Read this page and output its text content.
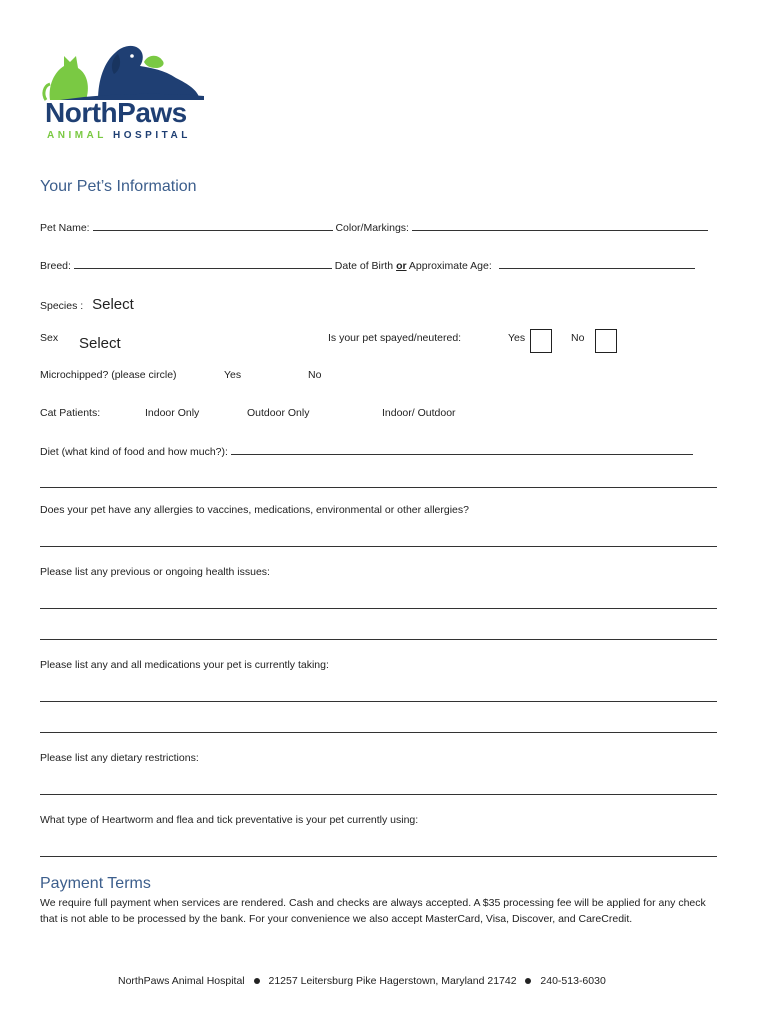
NorthPaws
ANIMAL HOSPITAL
Your Pet’s Information
Pet Name:	Color/Markings:
Breed:	Date of Birth or Approximate Age:
Species : Select
Sex Select	Is your pet spayed/neutered:	Yes	No
Microchipped? (please circle)	Yes	No
Cat Patients:	Indoor Only	Outdoor Only	Indoor/ Outdoor
Diet (what kind of food and how much?):
Does your pet have any allergies to vaccines, medications, environmental or other allergies?
Please list any previous or ongoing health issues:
Please list any and all medications your pet is currently taking:
Please list any dietary restrictions:
What type of Heartworm and flea and tick preventative is your pet currently using:
Payment Terms
We require full payment when services are rendered. Cash and checks are always accepted. A $35 processing fee will be applied for any check that is not able to be processed by the bank. For your convenience we also accept MasterCard, Visa, Discover, and CareCredit.
NorthPaws Animal Hospital 21257 Leitersburg Pike Hagerstown, Maryland 21742 240-513-6030
